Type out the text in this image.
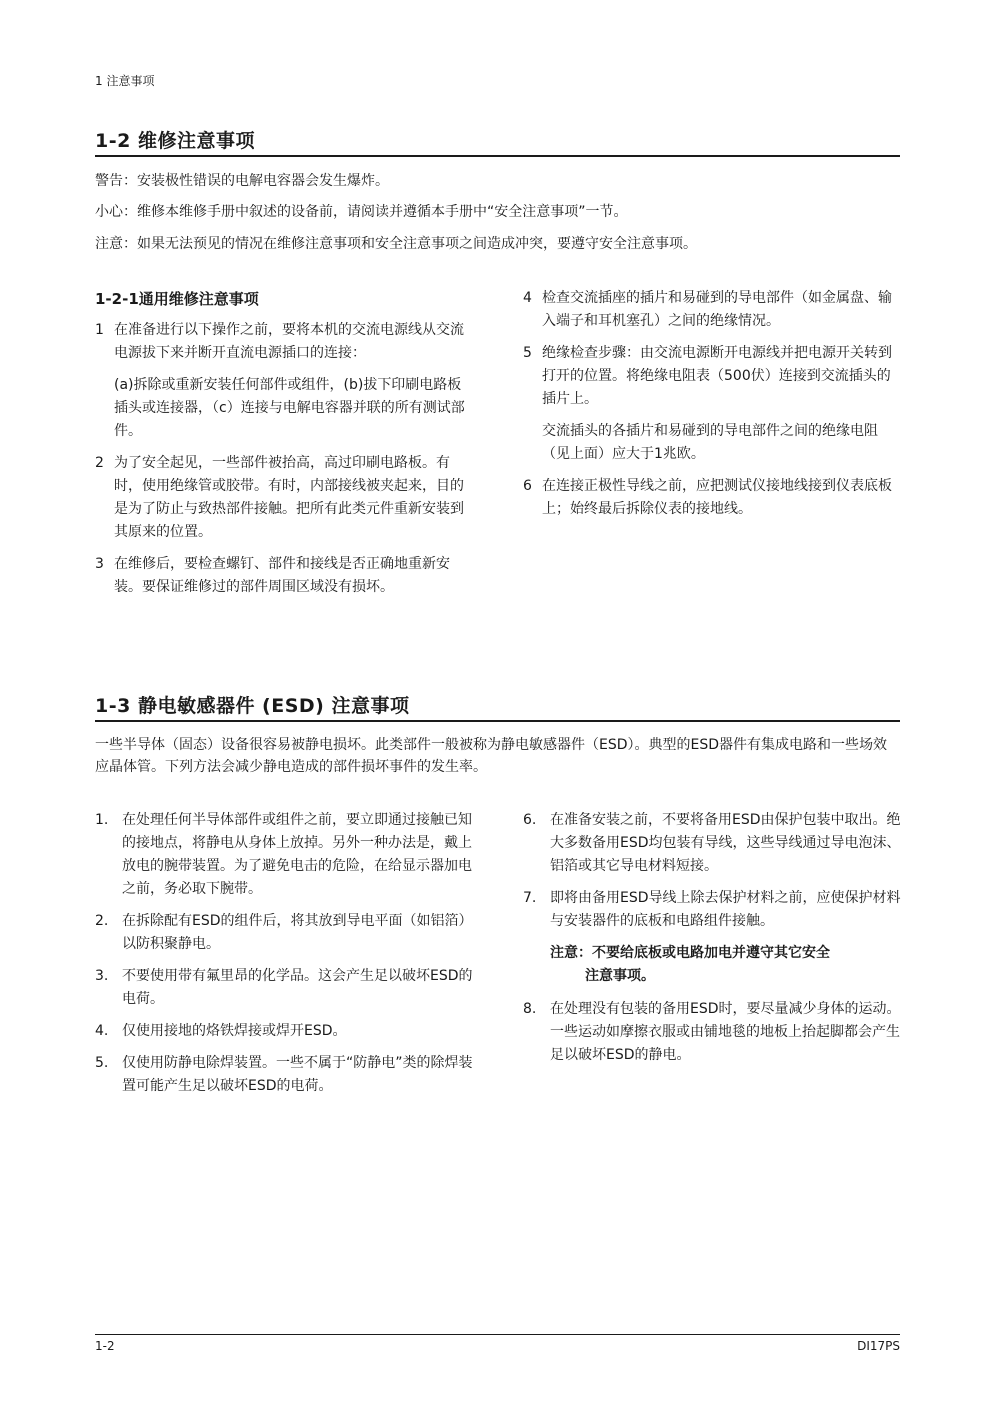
1 注意事项
1-2 维修注意事项
警告：安装极性错误的电解电容器会发生爆炸。
小心：维修本维修手册中叙述的设备前，请阅读并遵循本手册中“安全注意事项”一节。
注意：如果无法预见的情况在维修注意事项和安全注意事项之间造成冲突，要遵守安全注意事项。
1-2-1通用维修注意事项
1 在准备进行以下操作之前，要将本机的交流电源线从交流电源拔下来并断开直流电源插口的连接：
(a)拆除或重新安装任何部件或组件，(b)拔下印刷电路板插头或连接器，（c）连接与电解电容器并联的所有测试部件。
2 为了安全起见，一些部件被抬高，高过印刷电路板。有时，使用绝缘管或胶带。有时，内部接线被夹起来，目的是为了防止与致热部件接触。把所有此类元件重新安装到其原来的位置。
3 在维修后，要检查螺钉、部件和接线是否正确地重新安装。要保证维修过的部件周围区域没有损坏。
4 检查交流插座的插片和易碰到的导电部件（如金属盘、输入端子和耳机塞孔）之间的绝缘情况。
5 绝缘检查步骤：由交流电源断开电源线并把电源开关转到打开的位置。将绝缘电阻表（500伏）连接到交流插头的插片上。
交流插头的各插片和易碰到的导电部件之间的绝缘电阻（见上面）应大于1兆欧。
6 在连接正极性导线之前，应把测试仪接地线接到仪表底板上；始终最后拆除仪表的接地线。
1-3 静电敏感器件 (ESD) 注意事项
一些半导体（固态）设备很容易被静电损坏。此类部件一般被称为静电敏感器件（ESD）。典型的ESD器件有集成电路和一些场效应晶体管。下列方法会减少静电造成的部件损坏事件的发生率。
1. 在处理任何半导体部件或组件之前，要立即通过接触已知的接地点，将静电从身体上放掉。另外一种办法是，戴上放电的腕带装置。为了避免电击的危险，在给显示器加电之前，务必取下腕带。
2. 在拆除配有ESD的组件后，将其放到导电平面（如铝箔）以防积聚静电。
3. 不要使用带有氟里昂的化学品。这会产生足以破坏ESD的电荷。
4. 仅使用接地的烙铁焊接或焊开ESD。
5. 仅使用防静电除焊装置。一些不属于“防静电”类的除焊装置可能产生足以破坏ESD的电荷。
6. 在准备安装之前，不要将备用ESD由保护包装中取出。绝大多数备用ESD均包装有导线，这些导线通过导电泡沫、铝箔或其它导电材料短接。
7. 即将由备用ESD导线上除去保护材料之前，应使保护材料与安装器件的底板和电路组件接触。
注意： 不要给底板或电路加电并遵守其它安全
注意事项。
8. 在处理没有包装的备用ESD时，要尽量减少身体的运动。一些运动如摩擦衣服或由铺地毯的地板上抬起脚都会产生足以破坏ESD的静电。
1-2	DI17PS
